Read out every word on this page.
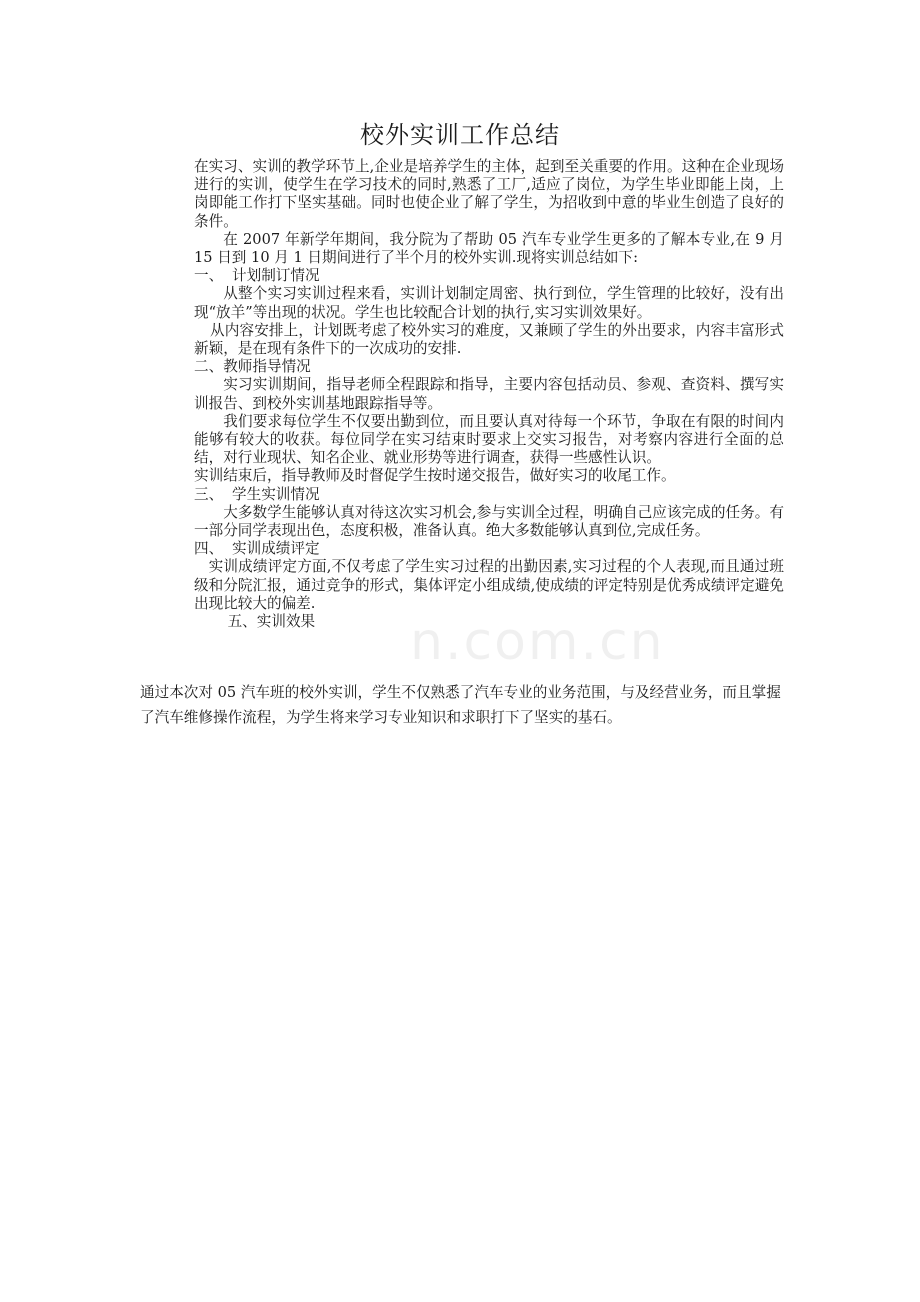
校外实训工作总结

在实习、实训的教学环节上,企业是培养学生的主体，起到至关重要的作用。这种在企业现场进行的实训，使学生在学习技术的同时,熟悉了工厂,适应了岗位，为学生毕业即能上岗，上岗即能工作打下坚实基础。同时也使企业了解了学生，为招收到中意的毕业生创造了良好的条件。

在 2007 年新学年期间，我分院为了帮助 05 汽车专业学生更多的了解本专业,在 9 月 15 日到 10 月 1 日期间进行了半个月的校外实训.现将实训总结如下:

一、 计划制订情况

从整个实习实训过程来看，实训计划制定周密、执行到位，学生管理的比较好，没有出现“放羊”等出现的状况。学生也比较配合计划的执行,实习实训效果好。

从内容安排上，计划既考虑了校外实习的难度，又兼顾了学生的外出要求，内容丰富形式新颖，是在现有条件下的一次成功的安排.

二、教师指导情况

实习实训期间，指导老师全程跟踪和指导，主要内容包括动员、参观、查资料、撰写实训报告、到校外实训基地跟踪指导等。

我们要求每位学生不仅要出勤到位，而且要认真对待每一个环节，争取在有限的时间内能够有较大的收获。每位同学在实习结束时要求上交实习报告，对考察内容进行全面的总结，对行业现状、知名企业、就业形势等进行调查，获得一些感性认识。

实训结束后，指导教师及时督促学生按时递交报告，做好实习的收尾工作。

三、 学生实训情况

大多数学生能够认真对待这次实习机会,参与实训全过程，明确自己应该完成的任务。有一部分同学表现出色，态度积极，准备认真。绝大多数能够认真到位,完成任务。

四、 实训成绩评定

实训成绩评定方面,不仅考虑了学生实习过程的出勤因素,实习过程的个人表现,而且通过班级和分院汇报，通过竞争的形式，集体评定小组成绩,使成绩的评定特别是优秀成绩评定避免出现比较大的偏差.

五、实训效果

通过本次对 05 汽车班的校外实训，学生不仅熟悉了汽车专业的业务范围，与及经营业务，而且掌握了汽车维修操作流程，为学生将来学习专业知识和求职打下了坚实的基石。

n.com.cn
